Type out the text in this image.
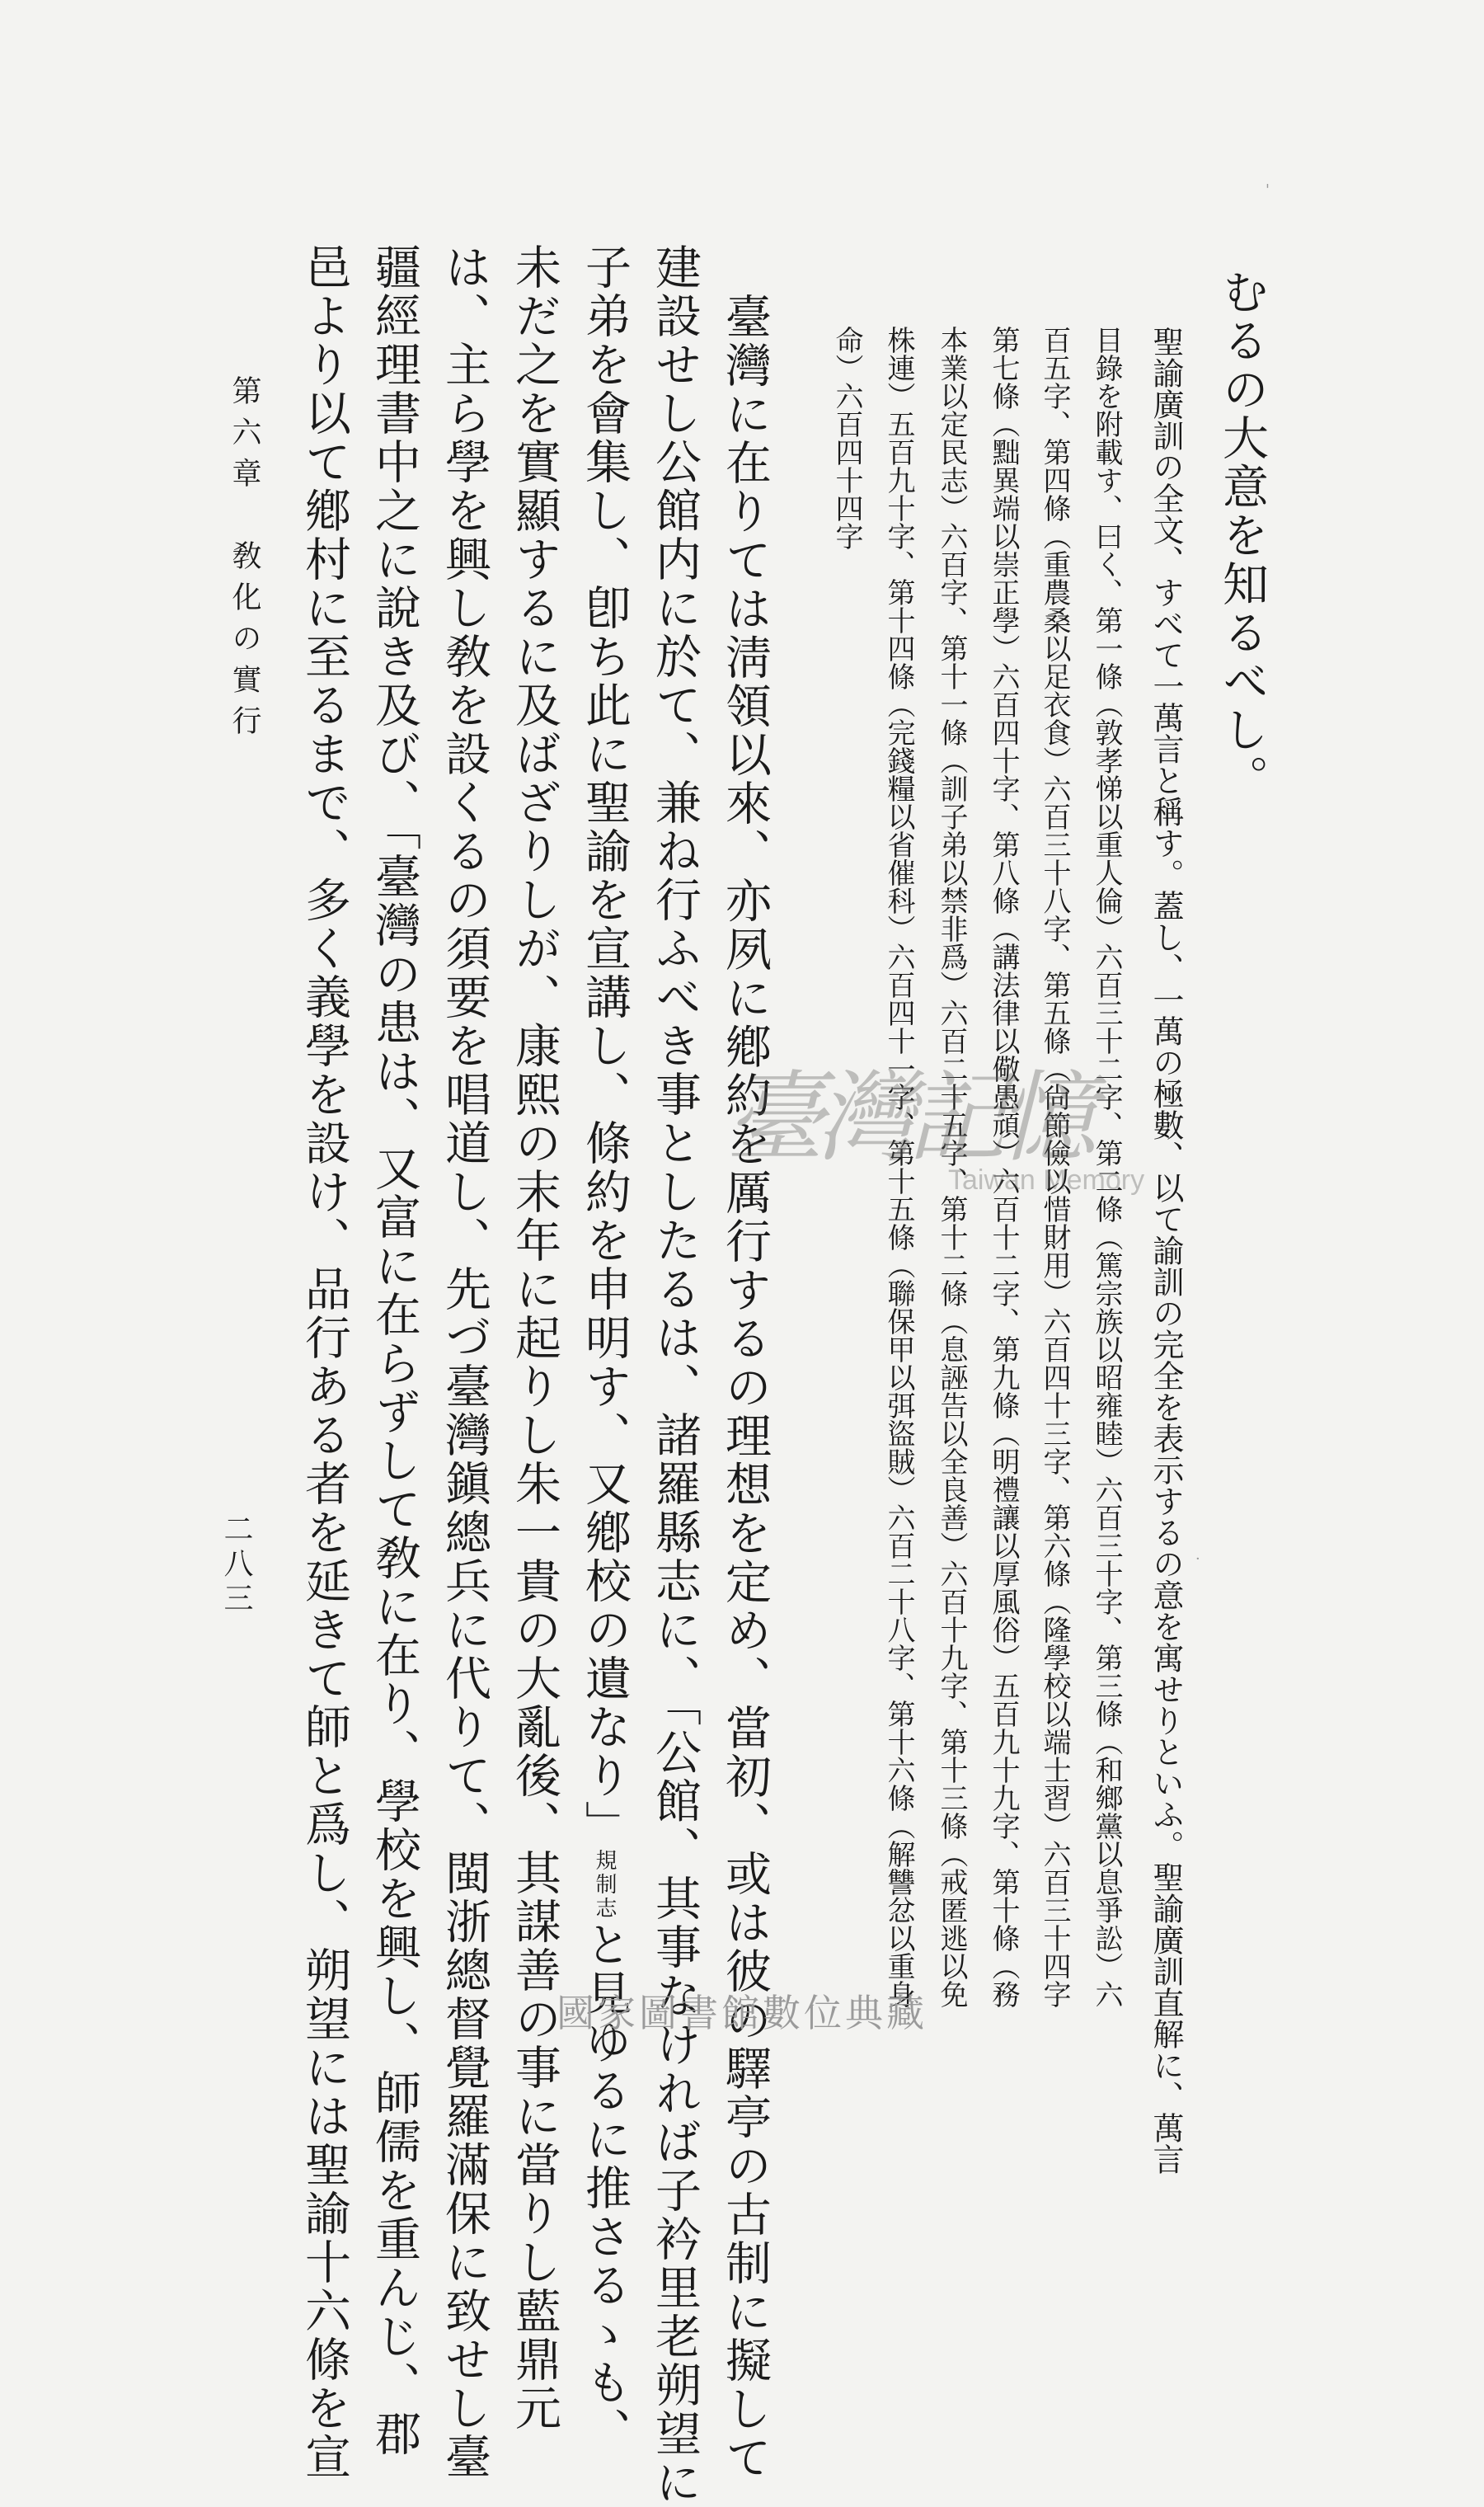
'
·
むるの大意を知るべし。
聖諭廣訓の全文、すべて一萬言と稱す。蓋し、一萬の極數、以て諭訓の完全を表示するの意を寓せりといふ。聖諭廣訓直解に、萬言
目錄を附載す、曰く、第一條（敦孝悌以重人倫）六百三十二字、第二條（篤宗族以昭雍睦）六百三十字、第三條（和鄉黨以息爭訟）六
百五字、第四條（重農桑以足衣食）六百三十八字、第五條（尙節儉以惜財用）六百四十三字、第六條（隆學校以端士習）六百三十四字
第七條（黜異端以崇正學）六百四十字、第八條（講法律以儆愚頑）六百十二字、第九條（明禮讓以厚風俗）五百九十九字、第十條（務
本業以定民志）六百字、第十一條（訓子弟以禁非爲）六百二十五字、第十二條（息誣告以全良善）六百十九字、第十三條（戒匿逃以免
株連）五百九十字、第十四條（完錢糧以省催科）六百四十一字、第十五條（聯保甲以弭盜賊）六百二十八字、第十六條（解讐忿以重身
命）六百四十四字
臺灣に在りては淸領以來、亦夙に鄕約を厲行するの理想を定め、當初、或は彼の驛亭の古制に擬して
建設せし公館内に於て、兼ね行ふべき事としたるは、諸羅縣志に、「公館、其事なければ子衿里老朔望に
子弟を會集し、卽ち此に聖諭を宣講し、條約を申明す、又鄕校の遺なり」規制志と見ゆるに推さるゝも、
未だ之を實顯するに及ばざりしが、康熙の末年に起りし朱一貴の大亂後、其謀善の事に當りし藍鼎元
は、主ら學を興し敎を設くるの須要を唱道し、先づ臺灣鎭總兵に代りて、閩浙總督覺羅滿保に致せし臺
疆經理書中之に說き及び、「臺灣の患は、又富に在らずして敎に在り、學校を興し、師儒を重んじ、郡
邑より以て鄕村に至るまで、多く義學を設け、品行ある者を延きて師と爲し、朔望には聖諭十六條を宣
第六章　敎化の實行
二八三
臺灣記憶
Taiwan Memory
國家圖書館數位典藏
